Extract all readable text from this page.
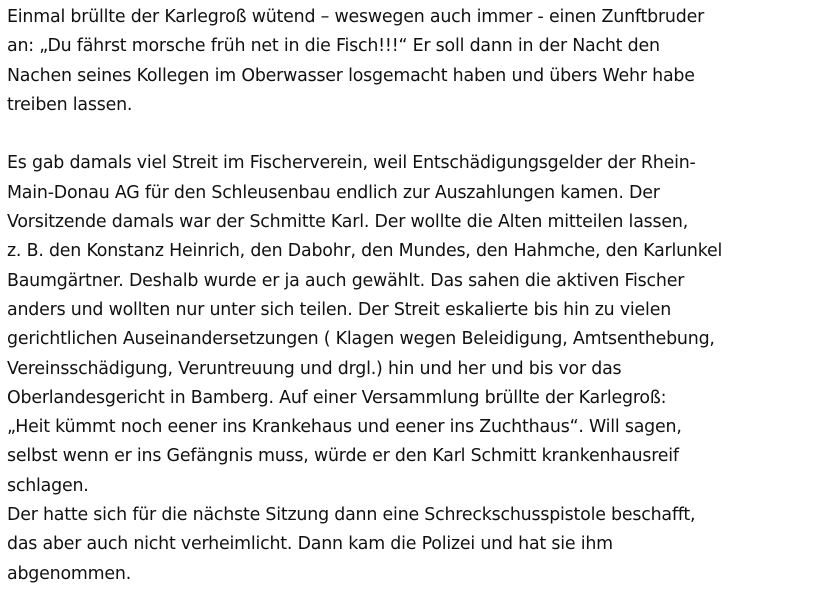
Einmal brüllte der Karlegroß wütend – weswegen auch immer - einen Zunftbruder
an: „Du fährst morsche früh net in die Fisch!!!“ Er soll dann in der Nacht den
Nachen seines Kollegen im Oberwasser losgemacht haben und übers Wehr habe
treiben lassen.

Es gab damals viel Streit im Fischerverein, weil Entschädigungsgelder der Rhein-
Main-Donau AG für den Schleusenbau endlich zur Auszahlungen kamen. Der
Vorsitzende damals war der Schmitte Karl. Der wollte die Alten mitteilen lassen,
z. B. den Konstanz Heinrich, den Dabohr, den Mundes, den Hahmche, den Karlunkel
Baumgärtner. Deshalb wurde er ja auch gewählt. Das sahen die aktiven Fischer
anders und wollten nur unter sich teilen. Der Streit eskalierte bis hin zu vielen
gerichtlichen Auseinandersetzungen ( Klagen wegen Beleidigung, Amtsenthebung,
Vereinsschädigung, Veruntreuung und drgl.) hin und her und bis vor das
Oberlandesgericht in Bamberg. Auf einer Versammlung brüllte der Karlegroß:
„Heit kümmt noch eener ins Krankehaus und eener ins Zuchthaus“. Will sagen,
selbst wenn er ins Gefängnis muss, würde er den Karl Schmitt krankenhausreif
schlagen.

Der hatte sich für die nächste Sitzung dann eine Schreckschusspistole beschafft,
das aber auch nicht verheimlicht. Dann kam die Polizei und hat sie ihm
abgenommen.
